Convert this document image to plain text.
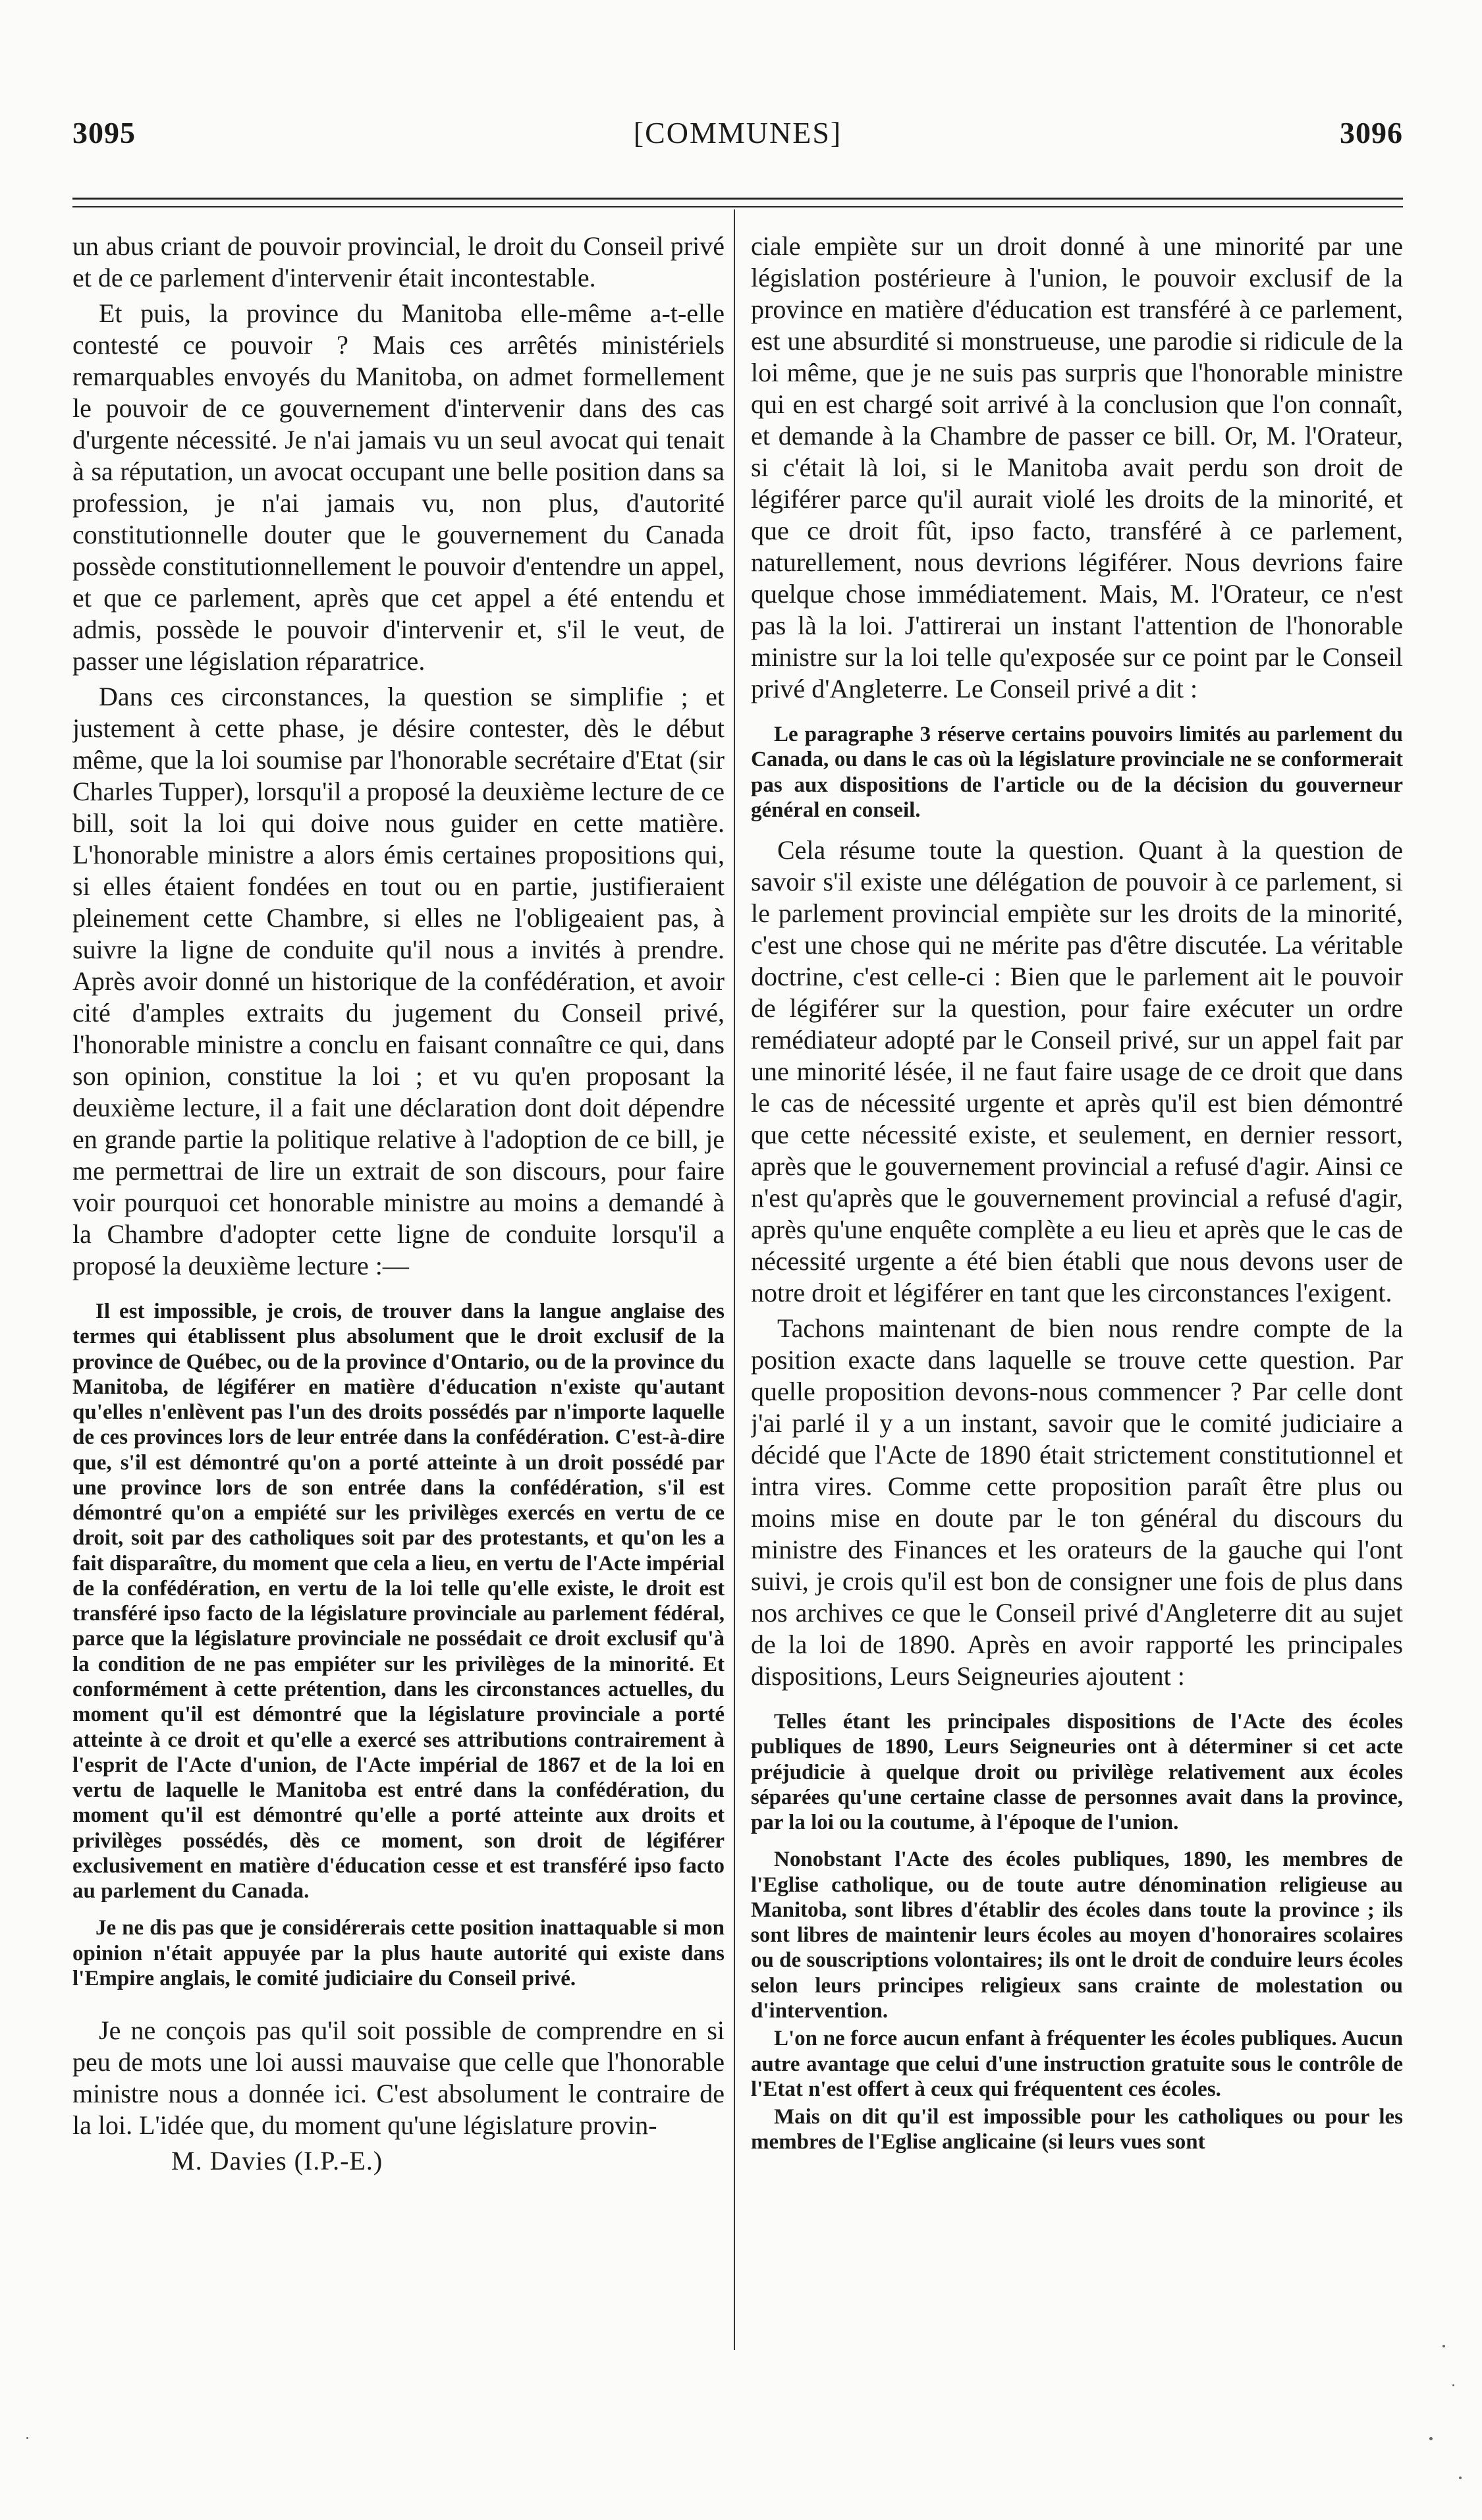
3095	[COMMUNES]	3096

un abus criant de pouvoir provincial, le droit du Conseil privé et de ce parlement d'intervenir était incontestable.

Et puis, la province du Manitoba elle-même a-t-elle contesté ce pouvoir ? Mais ces arrêtés ministériels remarquables envoyés du Manitoba, on admet formellement le pouvoir de ce gouvernement d'intervenir dans des cas d'urgente nécessité. Je n'ai jamais vu un seul avocat qui tenait à sa réputation, un avocat occupant une belle position dans sa profession, je n'ai jamais vu, non plus, d'autorité constitutionnelle douter que le gouvernement du Canada possède constitutionnellement le pouvoir d'entendre un appel, et que ce parlement, après que cet appel a été entendu et admis, possède le pouvoir d'intervenir et, s'il le veut, de passer une législation réparatrice.

Dans ces circonstances, la question se simplifie ; et justement à cette phase, je désire contester, dès le début même, que la loi soumise par l'honorable secrétaire d'Etat (sir Charles Tupper), lorsqu'il a proposé la deuxième lecture de ce bill, soit la loi qui doive nous guider en cette matière. L'honorable ministre a alors émis certaines propositions qui, si elles étaient fondées en tout ou en partie, justifieraient pleinement cette Chambre, si elles ne l'obligeaient pas, à suivre la ligne de conduite qu'il nous a invités à prendre. Après avoir donné un historique de la confédération, et avoir cité d'amples extraits du jugement du Conseil privé, l'honorable ministre a conclu en faisant connaître ce qui, dans son opinion, constitue la loi ; et vu qu'en proposant la deuxième lecture, il a fait une déclaration dont doit dépendre en grande partie la politique relative à l'adoption de ce bill, je me permettrai de lire un extrait de son discours, pour faire voir pourquoi cet honorable ministre au moins a demandé à la Chambre d'adopter cette ligne de conduite lorsqu'il a proposé la deuxième lecture :—

Il est impossible, je crois, de trouver dans la langue anglaise des termes qui établissent plus absolument que le droit exclusif de la province de Québec, ou de la province d'Ontario, ou de la province du Manitoba, de légiférer en matière d'éducation n'existe qu'autant qu'elles n'enlèvent pas l'un des droits possédés par n'importe laquelle de ces provinces lors de leur entrée dans la confédération. C'est-à-dire que, s'il est démontré qu'on a porté atteinte à un droit possédé par une province lors de son entrée dans la confédération, s'il est démontré qu'on a empiété sur les privilèges exercés en vertu de ce droit, soit par des catholiques soit par des protestants, et qu'on les a fait disparaître, du moment que cela a lieu, en vertu de l'Acte impérial de la confédération, en vertu de la loi telle qu'elle existe, le droit est transféré ipso facto de la législature provinciale au parlement fédéral, parce que la législature provinciale ne possédait ce droit exclusif qu'à la condition de ne pas empiéter sur les privilèges de la minorité. Et conformément à cette prétention, dans les circonstances actuelles, du moment qu'il est démontré que la législature provinciale a porté atteinte à ce droit et qu'elle a exercé ses attributions contrairement à l'esprit de l'Acte d'union, de l'Acte impérial de 1867 et de la loi en vertu de laquelle le Manitoba est entré dans la confédération, du moment qu'il est démontré qu'elle a porté atteinte aux droits et privilèges possédés, dès ce moment, son droit de légiférer exclusivement en matière d'éducation cesse et est transféré ipso facto au parlement du Canada.

Je ne dis pas que je considérerais cette position inattaquable si mon opinion n'était appuyée par la plus haute autorité qui existe dans l'Empire anglais, le comité judiciaire du Conseil privé.

Je ne conçois pas qu'il soit possible de comprendre en si peu de mots une loi aussi mauvaise que celle que l'honorable ministre nous a donnée ici. C'est absolument le contraire de la loi. L'idée que, du moment qu'une législature provin-

M. Davies (I.P.-E.)

ciale empiète sur un droit donné à une minorité par une législation postérieure à l'union, le pouvoir exclusif de la province en matière d'éducation est transféré à ce parlement, est une absurdité si monstrueuse, une parodie si ridicule de la loi même, que je ne suis pas surpris que l'honorable ministre qui en est chargé soit arrivé à la conclusion que l'on connaît, et demande à la Chambre de passer ce bill. Or, M. l'Orateur, si c'était là loi, si le Manitoba avait perdu son droit de légiférer parce qu'il aurait violé les droits de la minorité, et que ce droit fût, ipso facto, transféré à ce parlement, naturellement, nous devrions légiférer. Nous devrions faire quelque chose immédiatement. Mais, M. l'Orateur, ce n'est pas là la loi. J'attirerai un instant l'attention de l'honorable ministre sur la loi telle qu'exposée sur ce point par le Conseil privé d'Angleterre. Le Conseil privé a dit :

Le paragraphe 3 réserve certains pouvoirs limités au parlement du Canada, ou dans le cas où la législature provinciale ne se conformerait pas aux dispositions de l'article ou de la décision du gouverneur général en conseil.

Cela résume toute la question. Quant à la question de savoir s'il existe une délégation de pouvoir à ce parlement, si le parlement provincial empiète sur les droits de la minorité, c'est une chose qui ne mérite pas d'être discutée. La véritable doctrine, c'est celle-ci : Bien que le parlement ait le pouvoir de légiférer sur la question, pour faire exécuter un ordre remédiateur adopté par le Conseil privé, sur un appel fait par une minorité lésée, il ne faut faire usage de ce droit que dans le cas de nécessité urgente et après qu'il est bien démontré que cette nécessité existe, et seulement, en dernier ressort, après que le gouvernement provincial a refusé d'agir. Ainsi ce n'est qu'après que le gouvernement provincial a refusé d'agir, après qu'une enquête complète a eu lieu et après que le cas de nécessité urgente a été bien établi que nous devons user de notre droit et légiférer en tant que les circonstances l'exigent.

Tachons maintenant de bien nous rendre compte de la position exacte dans laquelle se trouve cette question. Par quelle proposition devons-nous commencer ? Par celle dont j'ai parlé il y a un instant, savoir que le comité judiciaire a décidé que l'Acte de 1890 était strictement constitutionnel et intra vires. Comme cette proposition paraît être plus ou moins mise en doute par le ton général du discours du ministre des Finances et les orateurs de la gauche qui l'ont suivi, je crois qu'il est bon de consigner une fois de plus dans nos archives ce que le Conseil privé d'Angleterre dit au sujet de la loi de 1890. Après en avoir rapporté les principales dispositions, Leurs Seigneuries ajoutent :

Telles étant les principales dispositions de l'Acte des écoles publiques de 1890, Leurs Seigneuries ont à déterminer si cet acte préjudicie à quelque droit ou privilège relativement aux écoles séparées qu'une certaine classe de personnes avait dans la province, par la loi ou la coutume, à l'époque de l'union.

Nonobstant l'Acte des écoles publiques, 1890, les membres de l'Eglise catholique, ou de toute autre dénomination religieuse au Manitoba, sont libres d'établir des écoles dans toute la province ; ils sont libres de maintenir leurs écoles au moyen d'honoraires scolaires ou de souscriptions volontaires; ils ont le droit de conduire leurs écoles selon leurs principes religieux sans crainte de molestation ou d'intervention.

L'on ne force aucun enfant à fréquenter les écoles publiques. Aucun autre avantage que celui d'une instruction gratuite sous le contrôle de l'Etat n'est offert à ceux qui fréquentent ces écoles.

Mais on dit qu'il est impossible pour les catholiques ou pour les membres de l'Eglise anglicaine (si leurs vues sont
